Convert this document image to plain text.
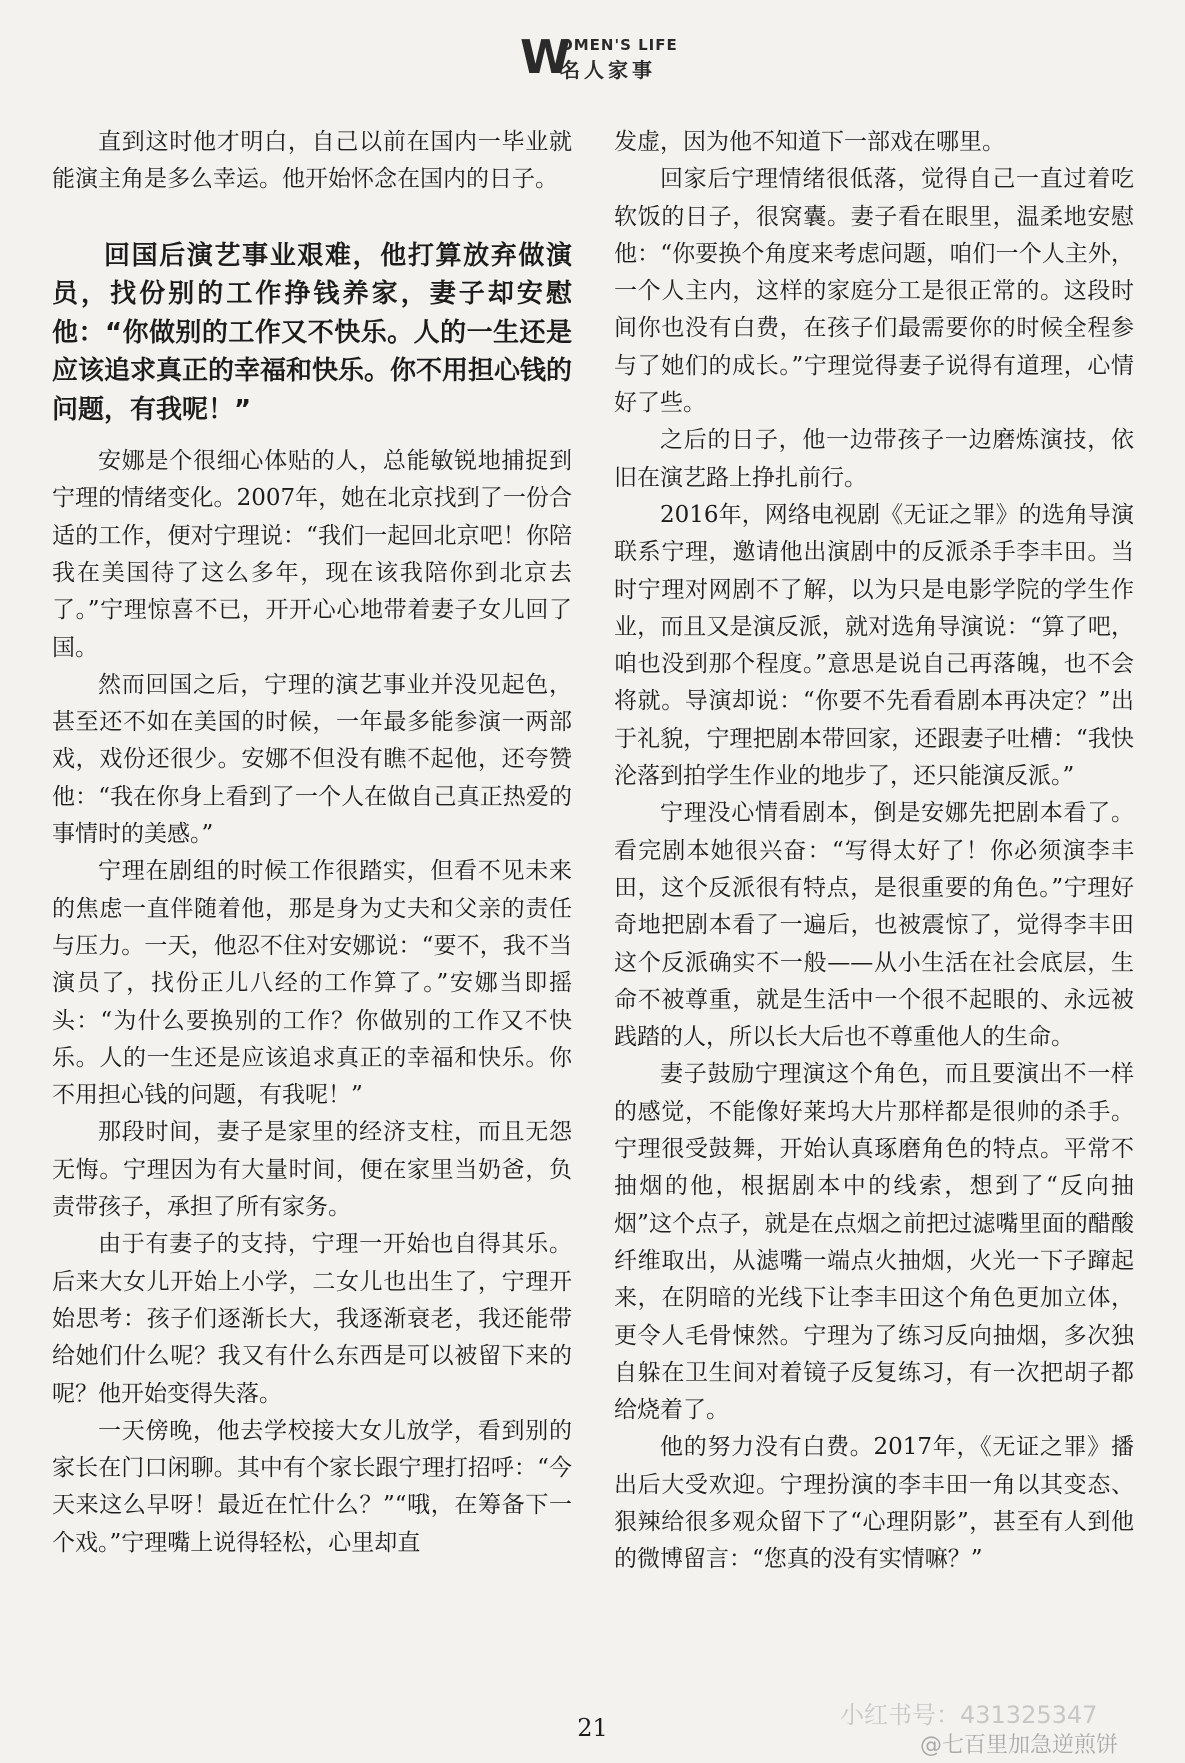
W
OMEN'S LIFE
名人家事

直到这时他才明白，自己以前在国内一毕业就能演主角是多么幸运。他开始怀念在国内的日子。

回国后演艺事业艰难，他打算放弃做演员，找份别的工作挣钱养家，妻子却安慰他：“你做别的工作又不快乐。人的一生还是应该追求真正的幸福和快乐。你不用担心钱的问题，有我呢！”

安娜是个很细心体贴的人，总能敏锐地捕捉到宁理的情绪变化。2007年，她在北京找到了一份合适的工作，便对宁理说：“我们一起回北京吧！你陪我在美国待了这么多年，现在该我陪你到北京去了。”宁理惊喜不已，开开心心地带着妻子女儿回了国。

然而回国之后，宁理的演艺事业并没见起色，甚至还不如在美国的时候，一年最多能参演一两部戏，戏份还很少。安娜不但没有瞧不起他，还夸赞他：“我在你身上看到了一个人在做自己真正热爱的事情时的美感。”

宁理在剧组的时候工作很踏实，但看不见未来的焦虑一直伴随着他，那是身为丈夫和父亲的责任与压力。一天，他忍不住对安娜说：“要不，我不当演员了，找份正儿八经的工作算了。”安娜当即摇头：“为什么要换别的工作？你做别的工作又不快乐。人的一生还是应该追求真正的幸福和快乐。你不用担心钱的问题，有我呢！”

那段时间，妻子是家里的经济支柱，而且无怨无悔。宁理因为有大量时间，便在家里当奶爸，负责带孩子，承担了所有家务。

由于有妻子的支持，宁理一开始也自得其乐。后来大女儿开始上小学，二女儿也出生了，宁理开始思考：孩子们逐渐长大，我逐渐衰老，我还能带给她们什么呢？我又有什么东西是可以被留下来的呢？他开始变得失落。

一天傍晚，他去学校接大女儿放学，看到别的家长在门口闲聊。其中有个家长跟宁理打招呼：“今天来这么早呀！最近在忙什么？”“哦，在筹备下一个戏。”宁理嘴上说得轻松，心里却直

发虚，因为他不知道下一部戏在哪里。

回家后宁理情绪很低落，觉得自己一直过着吃软饭的日子，很窝囊。妻子看在眼里，温柔地安慰他：“你要换个角度来考虑问题，咱们一个人主外，一个人主内，这样的家庭分工是很正常的。这段时间你也没有白费，在孩子们最需要你的时候全程参与了她们的成长。”宁理觉得妻子说得有道理，心情好了些。

之后的日子，他一边带孩子一边磨炼演技，依旧在演艺路上挣扎前行。

2016年，网络电视剧《无证之罪》的选角导演联系宁理，邀请他出演剧中的反派杀手李丰田。当时宁理对网剧不了解，以为只是电影学院的学生作业，而且又是演反派，就对选角导演说：“算了吧，咱也没到那个程度。”意思是说自己再落魄，也不会将就。导演却说：“你要不先看看剧本再决定？”出于礼貌，宁理把剧本带回家，还跟妻子吐槽：“我快沦落到拍学生作业的地步了，还只能演反派。”

宁理没心情看剧本，倒是安娜先把剧本看了。看完剧本她很兴奋：“写得太好了！你必须演李丰田，这个反派很有特点，是很重要的角色。”宁理好奇地把剧本看了一遍后，也被震惊了，觉得李丰田这个反派确实不一般——从小生活在社会底层，生命不被尊重，就是生活中一个很不起眼的、永远被践踏的人，所以长大后也不尊重他人的生命。

妻子鼓励宁理演这个角色，而且要演出不一样的感觉，不能像好莱坞大片那样都是很帅的杀手。宁理很受鼓舞，开始认真琢磨角色的特点。平常不抽烟的他，根据剧本中的线索，想到了“反向抽烟”这个点子，就是在点烟之前把过滤嘴里面的醋酸纤维取出，从滤嘴一端点火抽烟，火光一下子蹿起来，在阴暗的光线下让李丰田这个角色更加立体，更令人毛骨悚然。宁理为了练习反向抽烟，多次独自躲在卫生间对着镜子反复练习，有一次把胡子都给烧着了。

他的努力没有白费。2017年，《无证之罪》播出后大受欢迎。宁理扮演的李丰田一角以其变态、狠辣给很多观众留下了“心理阴影”，甚至有人到他的微博留言：“您真的没有实情嘛？”

21	小红书号：431325347
@七百里加急逆煎饼
